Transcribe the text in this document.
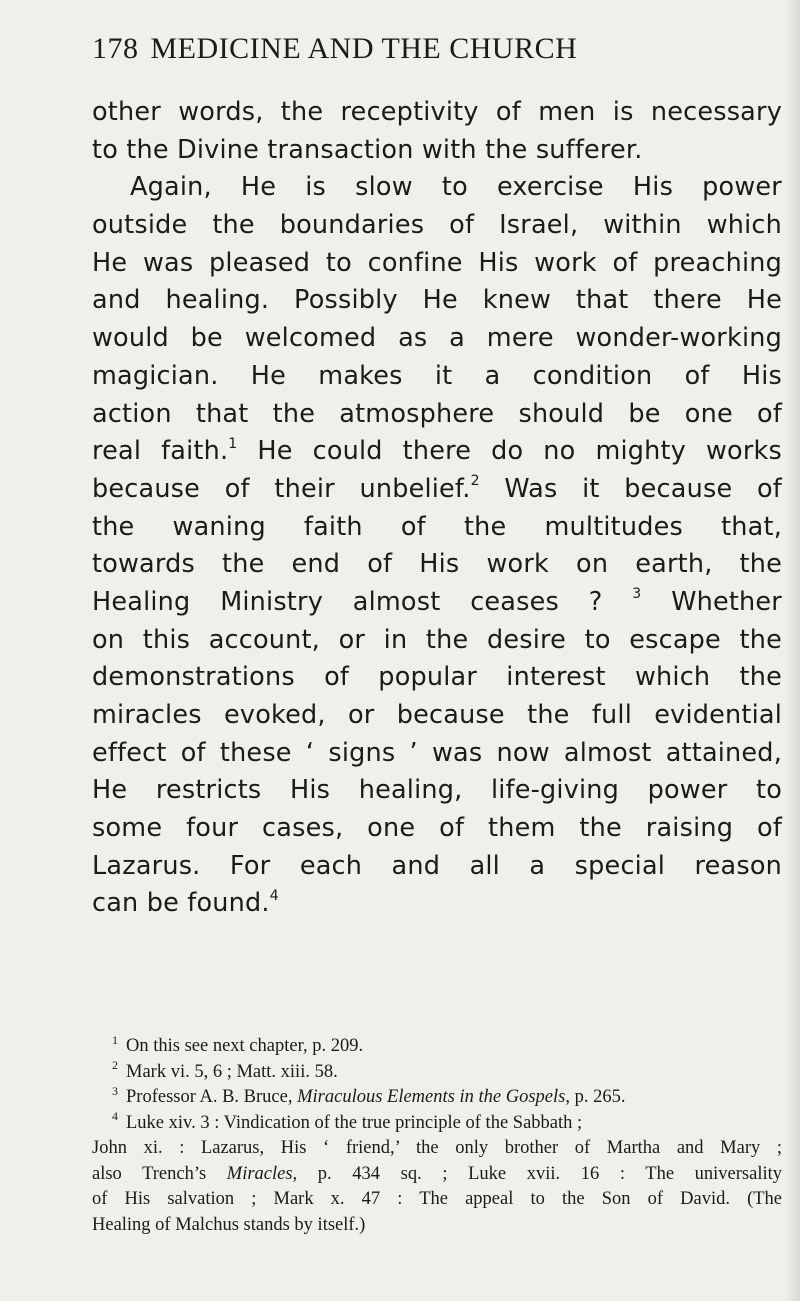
178 MEDICINE AND THE CHURCH
other words, the receptivity of men is necessary
to the Divine transaction with the sufferer.
Again, He is slow to exercise His power
outside the boundaries of Israel, within which
He was pleased to confine His work of preaching
and healing. Possibly He knew that there He
would be welcomed as a mere wonder-working
magician. He makes it a condition of His
action that the atmosphere should be one of
real faith.$^1$ He could there do no mighty works
because of their unbelief.$^2$ Was it because of
the waning faith of the multitudes that,
towards the end of His work on earth, the
Healing Ministry almost ceases ? $^3$ Whether
on this account, or in the desire to escape the
demonstrations of popular interest which the
miracles evoked, or because the full evidential
effect of these ‘ signs ’ was now almost attained,
He restricts His healing, life-giving power to
some four cases, one of them the raising of
Lazarus. For each and all a special reason
can be found.$^4$
$^1$ On this see next chapter, p. 209.
$^2$ Mark vi. 5, 6 ; Matt. xiii. 58.
$^3$ Professor A. B. Bruce, Miraculous Elements in the Gospels, p. 265.
$^4$ Luke xiv. 3 : Vindication of the true principle of the Sabbath ;
John xi. : Lazarus, His ‘ friend,’ the only brother of Martha and Mary ;
also Trench’s Miracles, p. 434 sq. ; Luke xvii. 16 : The universality
of His salvation ; Mark x. 47 : The appeal to the Son of David. (The
Healing of Malchus stands by itself.)
